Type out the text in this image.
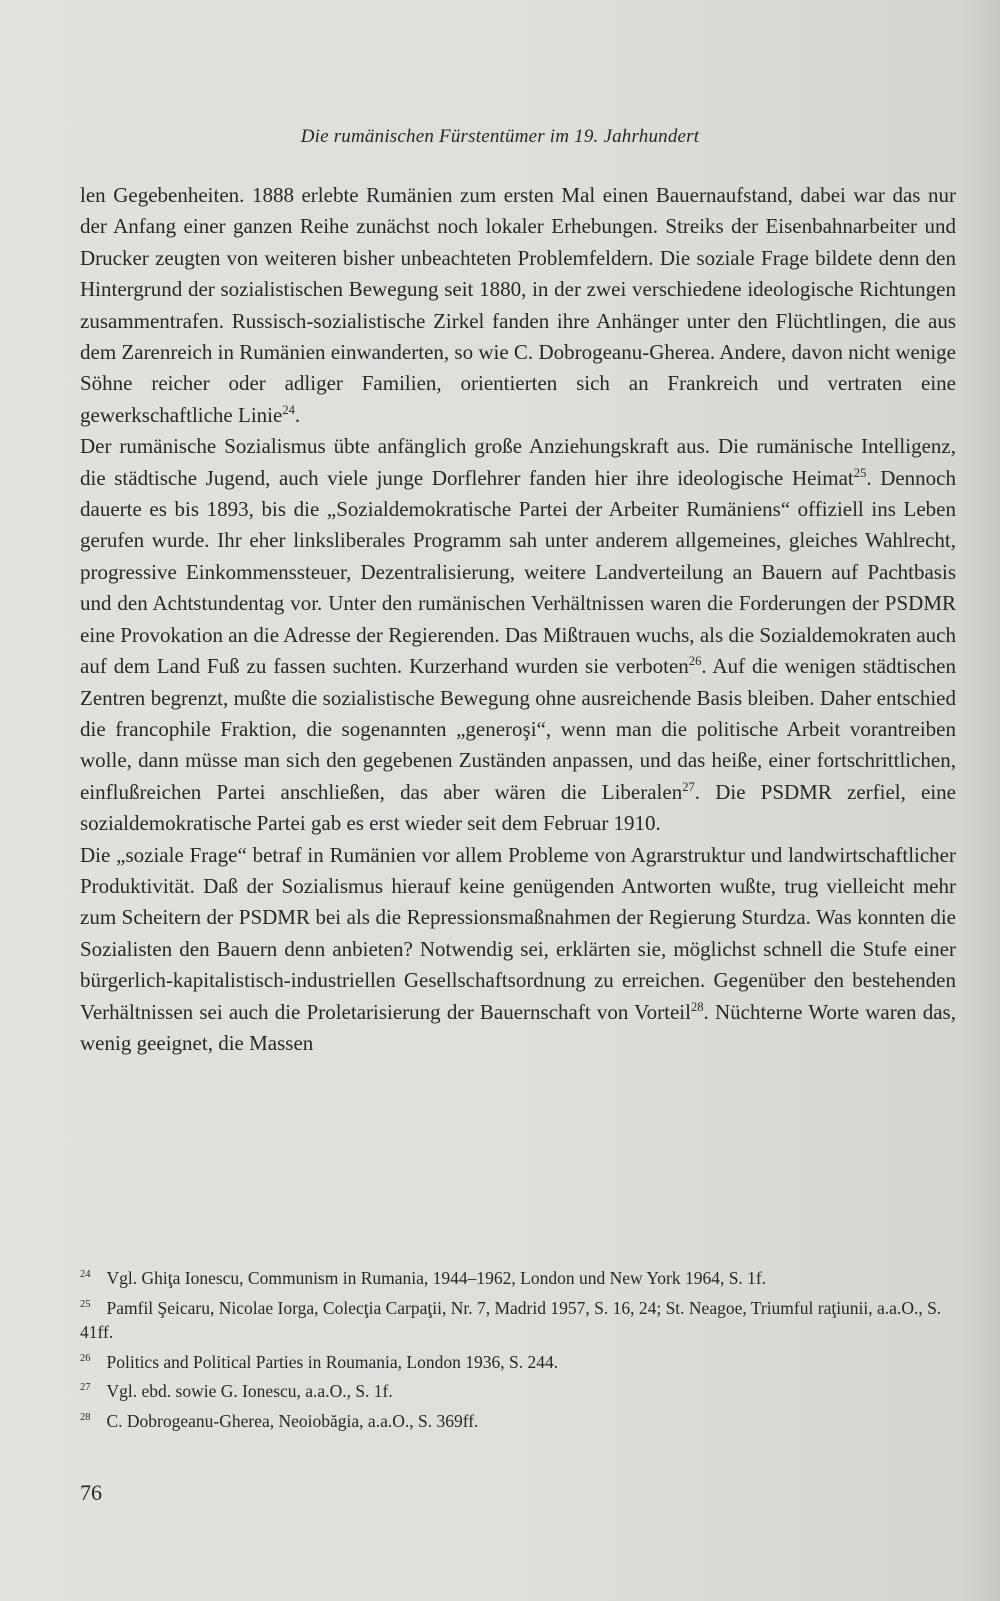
Die rumänischen Fürstentümer im 19. Jahrhundert

len Gegebenheiten. 1888 erlebte Rumänien zum ersten Mal einen Bauernaufstand, dabei war das nur der Anfang einer ganzen Reihe zunächst noch lokaler Erhebungen. Streiks der Eisenbahnarbeiter und Drucker zeugten von weiteren bisher unbeachteten Problemfeldern. Die soziale Frage bildete denn den Hintergrund der sozialistischen Bewegung seit 1880, in der zwei verschiedene ideologische Richtungen zusammentrafen. Russisch-sozialistische Zirkel fanden ihre Anhänger unter den Flüchtlingen, die aus dem Zarenreich in Rumänien einwanderten, so wie C. Dobrogeanu-Gherea. Andere, davon nicht wenige Söhne reicher oder adliger Familien, orientierten sich an Frankreich und vertraten eine gewerkschaftliche Linie$^{24}$.

Der rumänische Sozialismus übte anfänglich große Anziehungskraft aus. Die rumänische Intelligenz, die städtische Jugend, auch viele junge Dorflehrer fanden hier ihre ideologische Heimat$^{25}$. Dennoch dauerte es bis 1893, bis die „Sozialdemokratische Partei der Arbeiter Rumäniens“ offiziell ins Leben gerufen wurde. Ihr eher linksliberales Programm sah unter anderem allgemeines, gleiches Wahlrecht, progressive Einkommenssteuer, Dezentralisierung, weitere Landverteilung an Bauern auf Pachtbasis und den Achtstundentag vor. Unter den rumänischen Verhältnissen waren die Forderungen der PSDMR eine Provokation an die Adresse der Regierenden. Das Mißtrauen wuchs, als die Sozialdemokraten auch auf dem Land Fuß zu fassen suchten. Kurzerhand wurden sie verboten$^{26}$. Auf die wenigen städtischen Zentren begrenzt, mußte die sozialistische Bewegung ohne ausreichende Basis bleiben. Daher entschied die francophile Fraktion, die sogenannten „generoşi“, wenn man die politische Arbeit vorantreiben wolle, dann müsse man sich den gegebenen Zuständen anpassen, und das heiße, einer fortschrittlichen, einflußreichen Partei anschließen, das aber wären die Liberalen$^{27}$. Die PSDMR zerfiel, eine sozialdemokratische Partei gab es erst wieder seit dem Februar 1910.

Die „soziale Frage“ betraf in Rumänien vor allem Probleme von Agrarstruktur und landwirtschaftlicher Produktivität. Daß der Sozialismus hierauf keine genügenden Antworten wußte, trug vielleicht mehr zum Scheitern der PSDMR bei als die Repressionsmaßnahmen der Regierung Sturdza. Was konnten die Sozialisten den Bauern denn anbieten? Notwendig sei, erklärten sie, möglichst schnell die Stufe einer bürgerlich-kapitalistisch-industriellen Gesellschaftsordnung zu erreichen. Gegenüber den bestehenden Verhältnissen sei auch die Proletarisierung der Bauernschaft von Vorteil$^{28}$. Nüchterne Worte waren das, wenig geeignet, die Massen

$^{24}$ Vgl. Ghiţa Ionescu, Communism in Rumania, 1944–1962, London und New York 1964, S. 1f.

$^{25}$ Pamfil Şeicaru, Nicolae Iorga, Colecţia Carpaţii, Nr. 7, Madrid 1957, S. 16, 24; St. Neagoe, Triumful raţiunii, a.a.O., S. 41ff.

$^{26}$ Politics and Political Parties in Roumania, London 1936, S. 244.

$^{27}$ Vgl. ebd. sowie G. Ionescu, a.a.O., S. 1f.

$^{28}$ C. Dobrogeanu-Gherea, Neoiobăgia, a.a.O., S. 369ff.

76
